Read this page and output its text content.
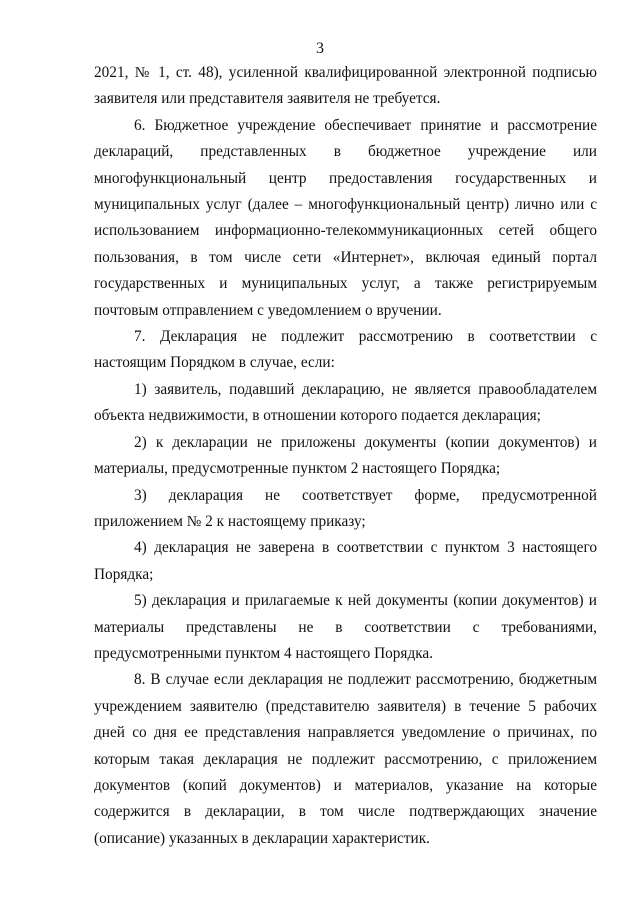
3

2021, № 1, ст. 48), усиленной квалифицированной электронной подписью заявителя или представителя заявителя не требуется.

6. Бюджетное учреждение обеспечивает принятие и рассмотрение деклараций, представленных в бюджетное учреждение или многофункциональный центр предоставления государственных и муниципальных услуг (далее – многофункциональный центр) лично или с использованием информационно-телекоммуникационных сетей общего пользования, в том числе сети «Интернет», включая единый портал государственных и муниципальных услуг, а также регистрируемым почтовым отправлением с уведомлением о вручении.

7. Декларация не подлежит рассмотрению в соответствии с настоящим Порядком в случае, если:

1) заявитель, подавший декларацию, не является правообладателем объекта недвижимости, в отношении которого подается декларация;

2) к декларации не приложены документы (копии документов) и материалы, предусмотренные пунктом 2 настоящего Порядка;

3) декларация не соответствует форме, предусмотренной приложением № 2 к настоящему приказу;

4) декларация не заверена в соответствии с пунктом 3 настоящего Порядка;

5) декларация и прилагаемые к ней документы (копии документов) и материалы представлены не в соответствии с требованиями, предусмотренными пунктом 4 настоящего Порядка.

8. В случае если декларация не подлежит рассмотрению, бюджетным учреждением заявителю (представителю заявителя) в течение 5 рабочих дней со дня ее представления направляется уведомление о причинах, по которым такая декларация не подлежит рассмотрению, с приложением документов (копий документов) и материалов, указание на которые содержится в декларации, в том числе подтверждающих значение (описание) указанных в декларации характеристик.
